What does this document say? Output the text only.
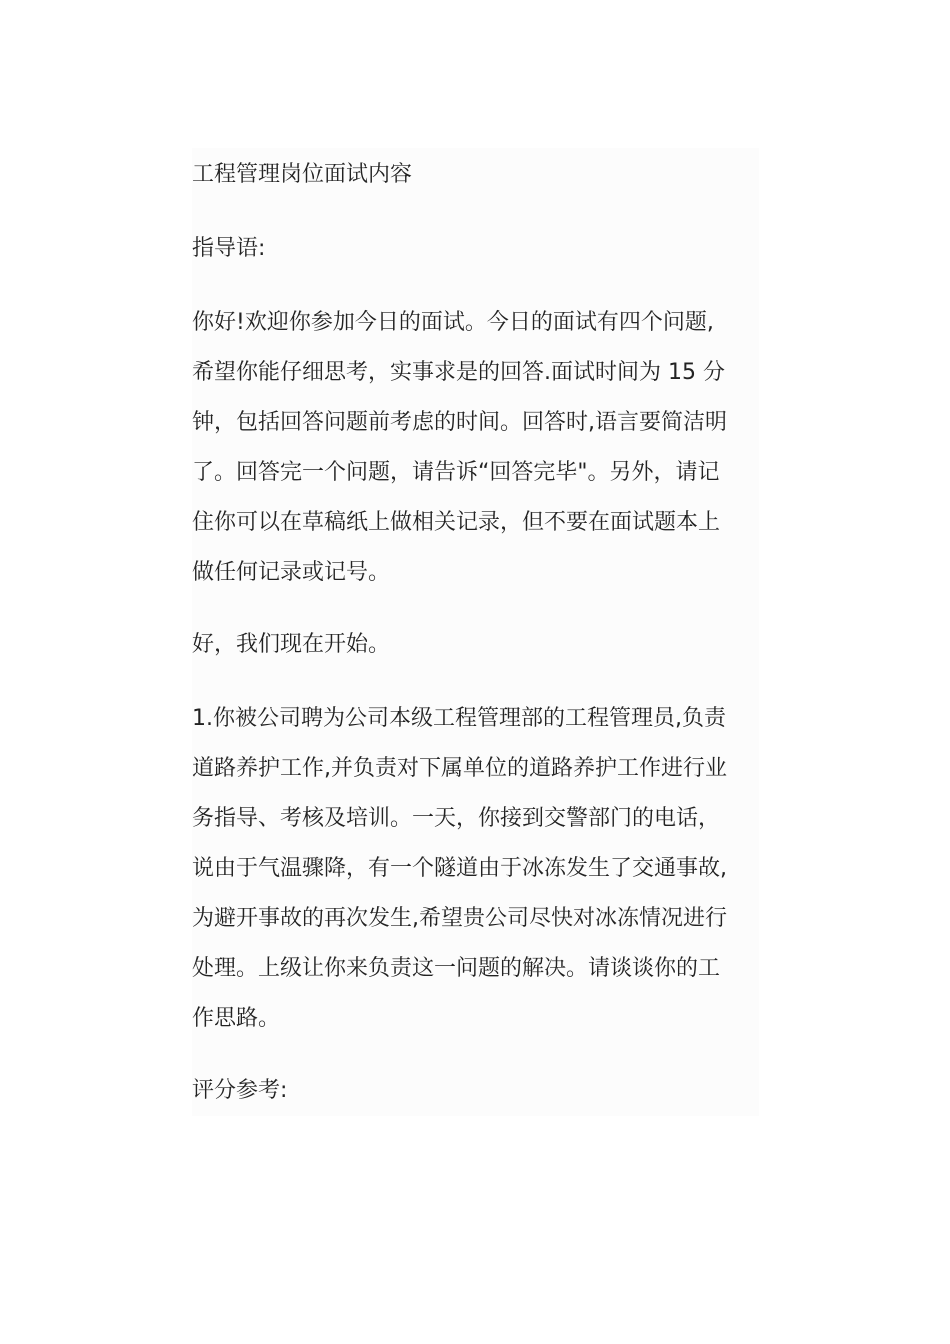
工程管理岗位面试内容

指导语:

你好!欢迎你参加今日的面试。今日的面试有四个问题,
希望你能仔细思考，实事求是的回答.面试时间为 15 分
钟，包括回答问题前考虑的时间。回答时,语言要简洁明
了。回答完一个问题，请告诉“回答完毕"。另外，请记
住你可以在草稿纸上做相关记录，但不要在面试题本上
做任何记录或记号。

好，我们现在开始。

1.你被公司聘为公司本级工程管理部的工程管理员,负责
道路养护工作,并负责对下属单位的道路养护工作进行业
务指导、考核及培训。一天，你接到交警部门的电话，
说由于气温骤降，有一个隧道由于冰冻发生了交通事故,
为避开事故的再次发生,希望贵公司尽快对冰冻情况进行
处理。上级让你来负责这一问题的解决。请谈谈你的工
作思路。

评分参考:
